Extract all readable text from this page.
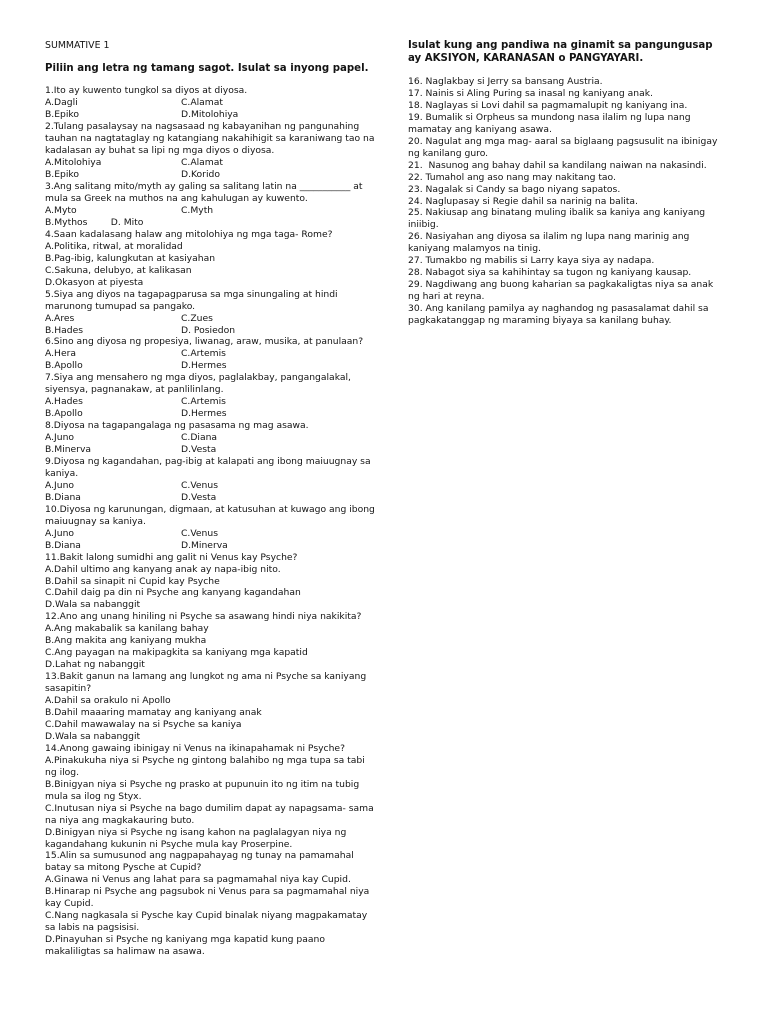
SUMMATIVE 1
Piliin ang letra ng tamang sagot. Isulat sa inyong papel.
1.Ito ay kuwento tungkol sa diyos at diyosa.
A.Dagli	C.Alamat
B.Epiko	D.Mitolohiya
2.Tulang pasalaysay na nagsasaad ng kabayanihan ng pangunahing tauhan na nagtataglay ng katangiang nakahihigit sa karaniwang tao na kadalasan ay buhat sa lipi ng mga diyos o diyosa.
A.Mitolohiya	C.Alamat
B.Epiko	D.Korido
3.Ang salitang mito/myth ay galing sa salitang latin na ___________ at mula sa Greek na muthos na ang kahulugan ay kuwento.
A.Myto	C.Myth
B.Mythos        D. Mito
4.Saan kadalasang halaw ang mitolohiya ng mga taga- Rome?
A.Politika, ritwal, at moralidad
B.Pag-ibig, kalungkutan at kasiyahan
C.Sakuna, delubyo, at kalikasan
D.Okasyon at piyesta
5.Siya ang diyos na tagapagparusa sa mga sinungaling at hindi marunong tumupad sa pangako.
A.Ares	C.Zues
B.Hades	D. Posiedon
6.Sino ang diyosa ng propesiya, liwanag, araw, musika, at panulaan?
A.Hera	C.Artemis
B.Apollo	D.Hermes
7.Siya ang mensahero ng mga diyos, paglalakbay, pangangalakal, siyensya, pagnanakaw, at panlilinlang.
A.Hades	C.Artemis
B.Apollo	D.Hermes
8.Diyosa na tagapangalaga ng pasasama ng mag asawa.
A.Juno	C.Diana
B.Minerva	D.Vesta
9.Diyosa ng kagandahan, pag-ibig at kalapati ang ibong maiuugnay sa kaniya.
A.Juno	C.Venus
B.Diana	D.Vesta
10.Diyosa ng karunungan, digmaan, at katusuhan at kuwago ang ibong maiuugnay sa kaniya.
A.Juno	C.Venus
B.Diana	D.Minerva
11.Bakit lalong sumidhi ang galit ni Venus kay Psyche?
A.Dahil ultimo ang kanyang anak ay napa-ibig nito.
B.Dahil sa sinapit ni Cupid kay Psyche
C.Dahil daig pa din ni Psyche ang kanyang kagandahan
D.Wala sa nabanggit
12.Ano ang unang hiniling ni Psyche sa asawang hindi niya nakikita?
A.Ang makabalik sa kanilang bahay
B.Ang makita ang kaniyang mukha
C.Ang payagan na makipagkita sa kaniyang mga kapatid
D.Lahat ng nabanggit
13.Bakit ganun na lamang ang lungkot ng ama ni Psyche sa kaniyang sasapitin?
A.Dahil sa orakulo ni Apollo
B.Dahil maaaring mamatay ang kaniyang anak
C.Dahil mawawalay na si Psyche sa kaniya
D.Wala sa nabanggit
14.Anong gawaing ibinigay ni Venus na ikinapahamak ni Psyche?
A.Pinakukuha niya si Psyche ng gintong balahibo ng mga tupa sa tabi ng ilog.
B.Binigyan niya si Psyche ng prasko at pupunuin ito ng itim na tubig mula sa ilog ng Styx.
C.Inutusan niya si Psyche na bago dumilim dapat ay napagsama- sama na niya ang magkakauring buto.
D.Binigyan niya si Psyche ng isang kahon na paglalagyan niya ng kagandahang kukunin ni Psyche mula kay Proserpine.
15.Alin sa sumusunod ang nagpapahayag ng tunay na pamamahal batay sa mitong Pysche at Cupid?
A.Ginawa ni Venus ang lahat para sa pagmamahal niya kay Cupid.
B.Hinarap ni Psyche ang pagsubok ni Venus para sa pagmamahal niya kay Cupid.
C.Nang nagkasala si Pysche kay Cupid binalak niyang magpakamatay sa labis na pagsisisi.
D.Pinayuhan si Psyche ng kaniyang mga kapatid kung paano makaliligtas sa halimaw na asawa.
Isulat kung ang pandiwa na ginamit sa pangungusap ay AKSIYON, KARANASAN o PANGYAYARI.
16. Naglakbay si Jerry sa bansang Austria.
17. Nainis si Aling Puring sa inasal ng kaniyang anak.
18. Naglayas si Lovi dahil sa pagmamalupit ng kaniyang ina.
19. Bumalik si Orpheus sa mundong nasa ilalim ng lupa nang mamatay ang kaniyang asawa.
20. Nagulat ang mga mag- aaral sa biglaang pagsusulit na ibinigay ng kanilang guro.
21.  Nasunog ang bahay dahil sa kandilang naiwan na nakasindi.
22. Tumahol ang aso nang may nakitang tao.
23. Nagalak si Candy sa bago niyang sapatos.
24. Naglupasay si Regie dahil sa narinig na balita.
25. Nakiusap ang binatang muling ibalik sa kaniya ang kaniyang iniibig.
26. Nasiyahan ang diyosa sa ilalim ng lupa nang marinig ang kaniyang malamyos na tinig.
27. Tumakbo ng mabilis si Larry kaya siya ay nadapa.
28. Nabagot siya sa kahihintay sa tugon ng kaniyang kausap.
29. Nagdiwang ang buong kaharian sa pagkakaligtas niya sa anak ng hari at reyna.
30. Ang kanilang pamilya ay naghandog ng pasasalamat dahil sa pagkakatanggap ng maraming biyaya sa kanilang buhay.
